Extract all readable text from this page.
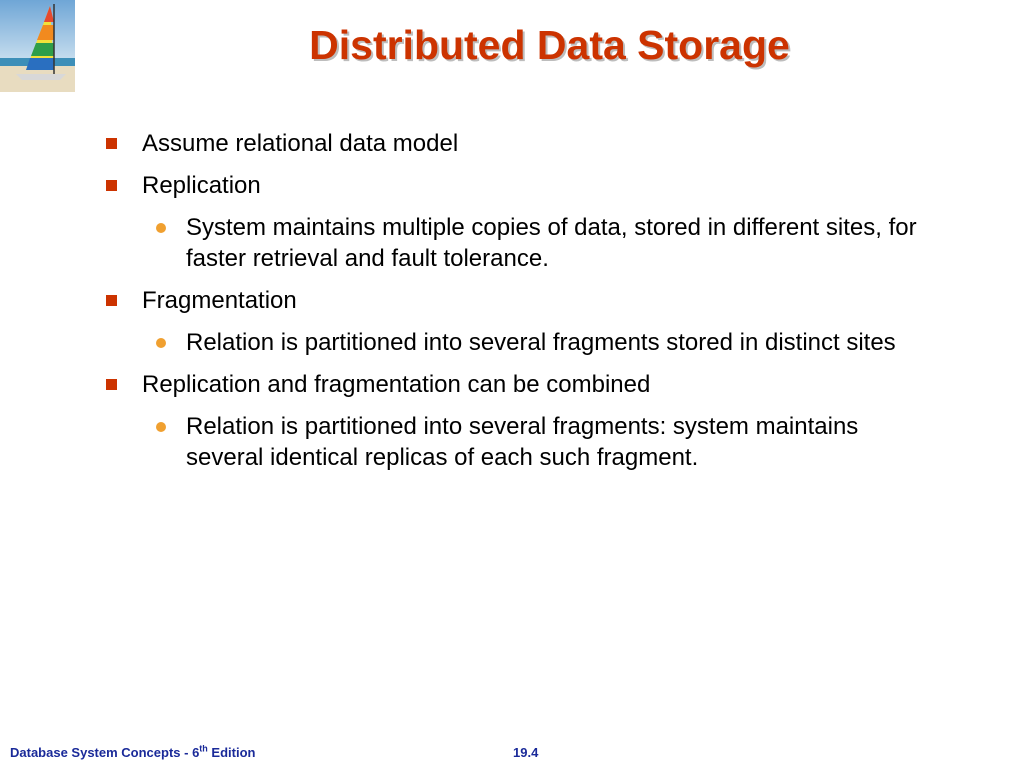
Distributed Data Storage
Assume relational data model
Replication
System maintains multiple copies of data, stored in different sites, for faster retrieval and fault tolerance.
Fragmentation
Relation is partitioned into several fragments stored in distinct sites
Replication and fragmentation can be combined
Relation is partitioned into several fragments: system maintains several identical replicas of each such fragment.
Database System Concepts - 6th Edition	19.4
